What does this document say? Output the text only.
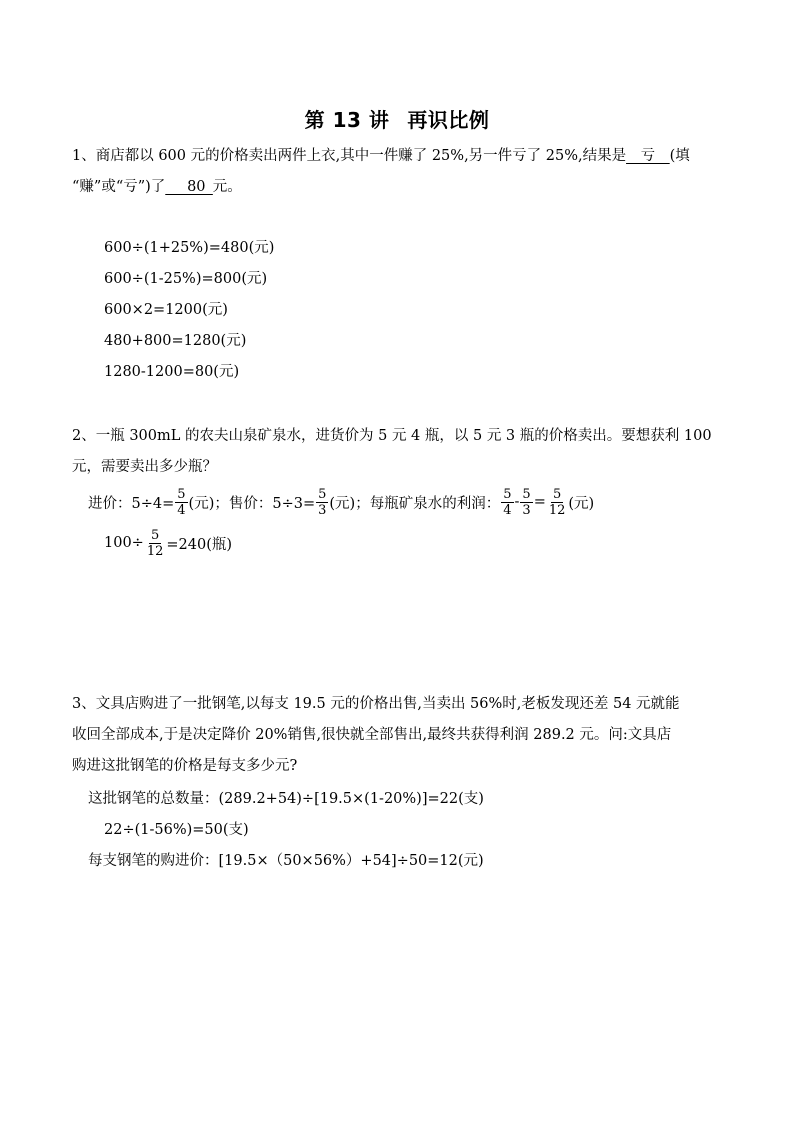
第 13 讲 再识比例
1、商店都以 600 元的价格卖出两件上衣,其中一件赚了 25%,另一件亏了 25%,结果是__亏__(填
“赚”或“亏”)了___80_元。
600÷(1+25%)=480(元)
600÷(1-25%)=800(元)
600×2=1200(元)
480+800=1280(元)
1280-1200=80(元)
2、一瓶 300mL 的农夫山泉矿泉水，进货价为 5 元 4 瓶，以 5 元 3 瓶的价格卖出。要想获利 100
元，需要卖出多少瓶？
进价：$5\div 4= \frac{5}{4}$ (元)；售价：$5\div 3= \frac{5}{3}$ (元)；每瓶矿泉水的利润： $\frac{5}{4} - \frac{5}{3} = \frac{5}{12}$ (元)
$100\div \frac{5}{12} =240$(瓶)
3、文具店购进了一批钢笔,以每支 19.5 元的价格出售,当卖出 56%时,老板发现还差 54 元就能
收回全部成本,于是决定降价 20%销售,很快就全部售出,最终共获得利润 289.2 元。问:文具店
购进这批钢笔的价格是每支多少元?
这批钢笔的总数量：(289.2+54)÷[19.5×(1-20%)]=22(支)
22÷(1-56%)=50(支)
每支钢笔的购进价：[19.5×（50×56%）+54]÷50=12(元)
